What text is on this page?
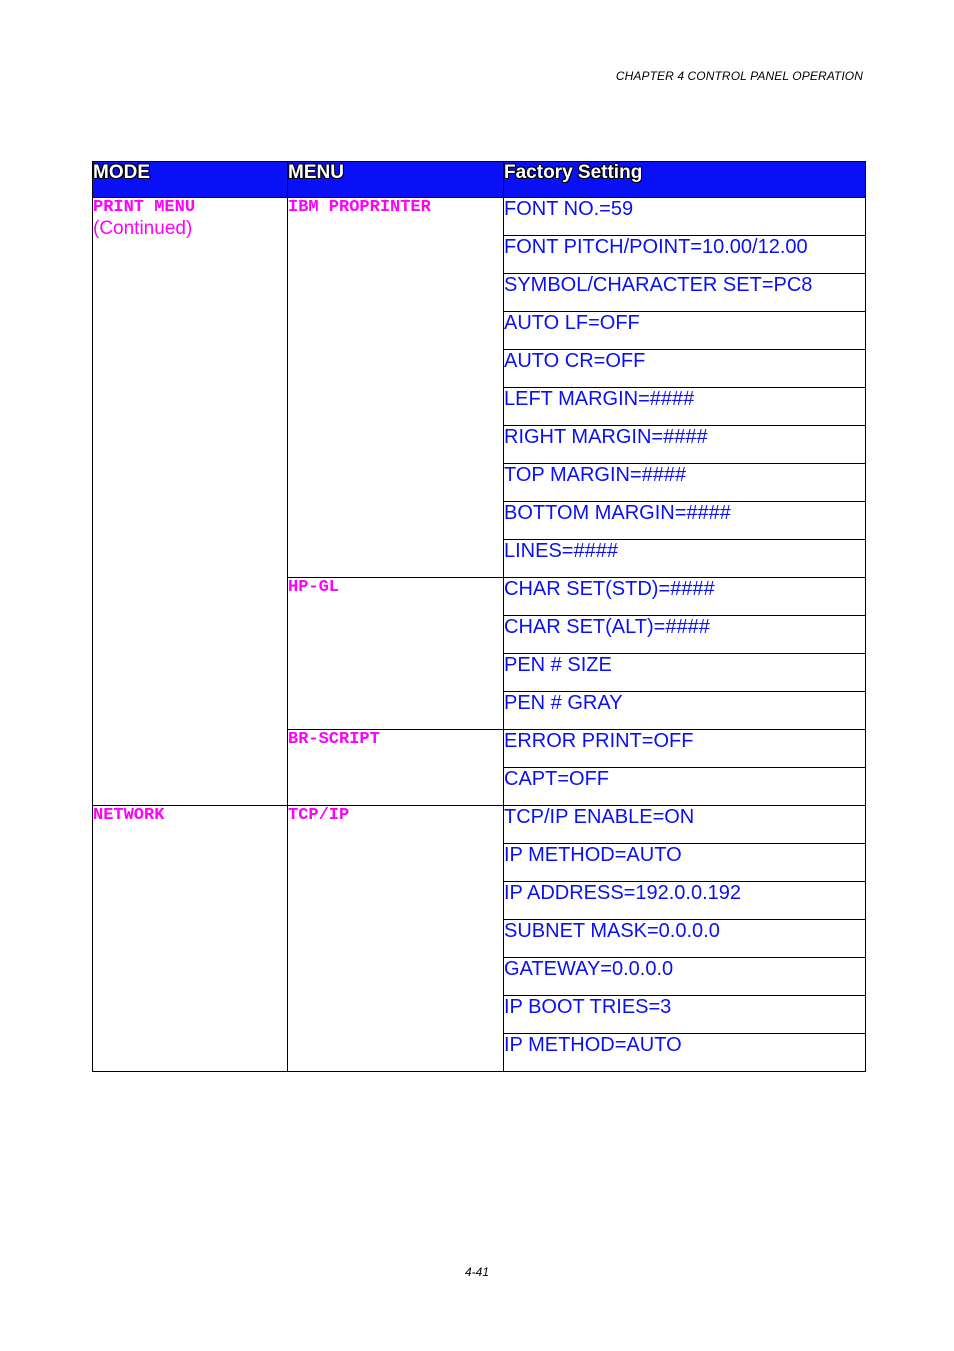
CHAPTER 4 CONTROL PANEL OPERATION
MODE	MENU	Factory Setting
PRINT MENU
(Continued)	IBM PROPRINTER	FONT NO.=59
		FONT PITCH/POINT=10.00/12.00
		SYMBOL/CHARACTER SET=PC8
		AUTO LF=OFF
		AUTO CR=OFF
		LEFT MARGIN=####
		RIGHT MARGIN=####
		TOP MARGIN=####
		BOTTOM MARGIN=####
		LINES=####
	HP-GL	CHAR SET(STD)=####
		CHAR SET(ALT)=####
		PEN # SIZE
		PEN # GRAY
	BR-SCRIPT	ERROR PRINT=OFF
		CAPT=OFF
NETWORK	TCP/IP	TCP/IP ENABLE=ON
		IP METHOD=AUTO
		IP ADDRESS=192.0.0.192
		SUBNET MASK=0.0.0.0
		GATEWAY=0.0.0.0
		IP BOOT TRIES=3
		IP METHOD=AUTO
4-41
